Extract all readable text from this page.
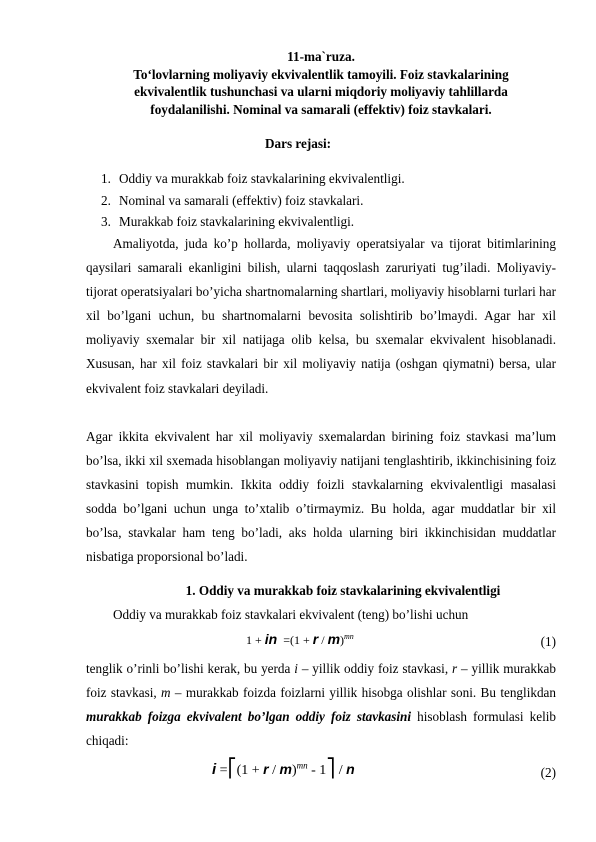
11-ma`ruza.
To‘lovlarning moliyaviy ekvivalentlik tamoyili. Foiz stavkalarining
ekvivalentlik tushunchasi va ularni miqdoriy moliyaviy tahlillarda
foydalanilishi. Nominal va samarali (effektiv) foiz stavkalari.
Dars rejasi:
1. Oddiy va murakkab foiz stavkalarining ekvivalentligi.
2. Nominal va samarali (effektiv) foiz stavkalari.
3. Murakkab foiz stavkalarining ekvivalentligi.
Amaliyotda, juda ko’p hollarda, moliyaviy operatsiyalar va tijorat bitimlarining qaysilari samarali ekanligini bilish, ularni taqqoslash zaruriyati tug’iladi. Moliyaviy-tijorat operatsiyalari bo’yicha shartnomalarning shartlari, moliyaviy hisoblarni turlari har xil bo’lgani uchun, bu shartnomalarni bevosita solishtirib bo’lmaydi. Agar har xil moliyaviy sxemalar bir xil natijaga olib kelsa, bu sxemalar ekvivalent hisoblanadi. Xususan, har xil foiz stavkalari bir xil moliyaviy natija (oshgan qiymatni) bersa, ular ekvivalent foiz stavkalari deyiladi.
Agar ikkita ekvivalent har xil moliyaviy sxemalardan birining foiz stavkasi ma’lum bo’lsa, ikki xil sxemada hisoblangan moliyaviy natijani tenglashtirib, ikkinchisining foiz stavkasini topish mumkin. Ikkita oddiy foizli stavkalarning ekvivalentligi masalasi sodda bo’lgani uchun unga to’xtalib o’tirmaymiz. Bu holda, agar muddatlar bir xil bo’lsa, stavkalar ham teng bo’ladi, aks holda ularning biri ikkinchisidan muddatlar nisbatiga proporsional bo’ladi.
1. Oddiy va murakkab foiz stavkalarining ekvivalentligi
Oddiy va murakkab foiz stavkalari ekvivalent (teng) bo’lishi uchun
1 + in  $=(1 + r / m)^{mn}$	(1)
tenglik o’rinli bo’lishi kerak, bu yerda i – yillik oddiy foiz stavkasi, r – yillik murakkab foiz stavkasi, m – murakkab foizda foizlarni yillik hisobga olishlar soni. Bu tenglikdan murakkab foizga ekvivalent bo’lgan oddiy foiz stavkasini hisoblash formulasi kelib chiqadi:
i =⎡(1 + r / m)$^{mn}$ - 1⎤ / n	(2)
